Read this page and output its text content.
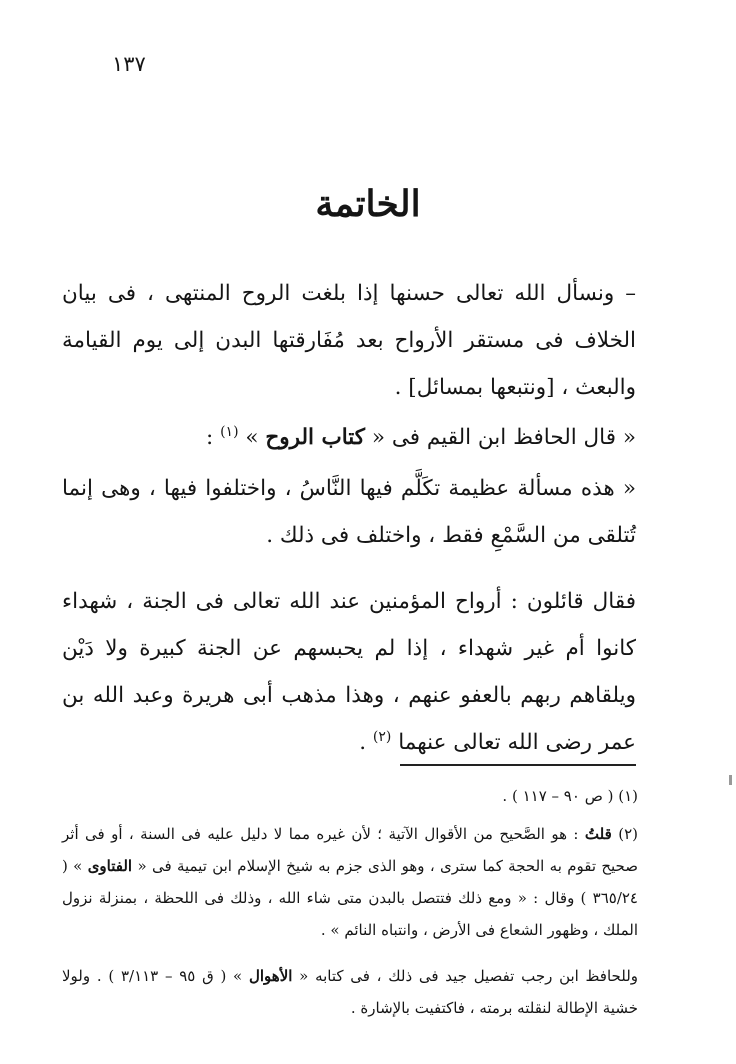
١٣٧
الخاتمة

– ونسأل الله تعالى حسنها إذا بلغت الروح المنتهى ، فى بيان الخلاف فى مستقر الأرواح بعد مُفَارقتها البدن إلى يوم القيامة والبعث ، [ونتبعها بمسائل] .

« قال الحافظ ابن القيم فى « كتاب الروح » $^{(١)}$ :

« هذه مسألة عظيمة تكَلَّم فيها النَّاسُ ، واختلفوا فيها ، وهى إنما تُتلقى من السَّمْعِ فقط ، واختلف فى ذلك .

فقال قائلون : أرواح المؤمنين عند الله تعالى فى الجنة ، شهداء كانوا أم غير شهداء ، إذا لم يحبسهم عن الجنة كبيرة ولا دَيْن ويلقاهم ربهم بالعفو عنهم ، وهذا مذهب أبى هريرة وعبد الله بن عمر رضى الله تعالى عنهما $^{(٢)}$ .

(١) ( ص ٩٠ – ١١٧ ) .

(٢) قلتُ : هو الصَّحيح من الأقوال الآتية ؛ لأن غيره مما لا دليل عليه فى السنة ، أو فى أثر صحيح تقوم به الحجة كما سترى ، وهو الذى جزم به شيخ الإسلام ابن تيمية فى « الفتاوى » ( ٣٦٥/٢٤ ) وقال : « ومع ذلك فتتصل بالبدن متى شاء الله ، وذلك فى اللحظة ، بمنزلة نزول الملك ، وظهور الشعاع فى الأرض ، وانتباه النائم » .

وللحافظ ابن رجب تفصيل جيد فى ذلك ، فى كتابه « الأهوال » ( ق ٩٥ – ٣/١١٣ ) . ولولا خشية الإطالة لنقلته برمته ، فاكتفيت بالإشارة .
